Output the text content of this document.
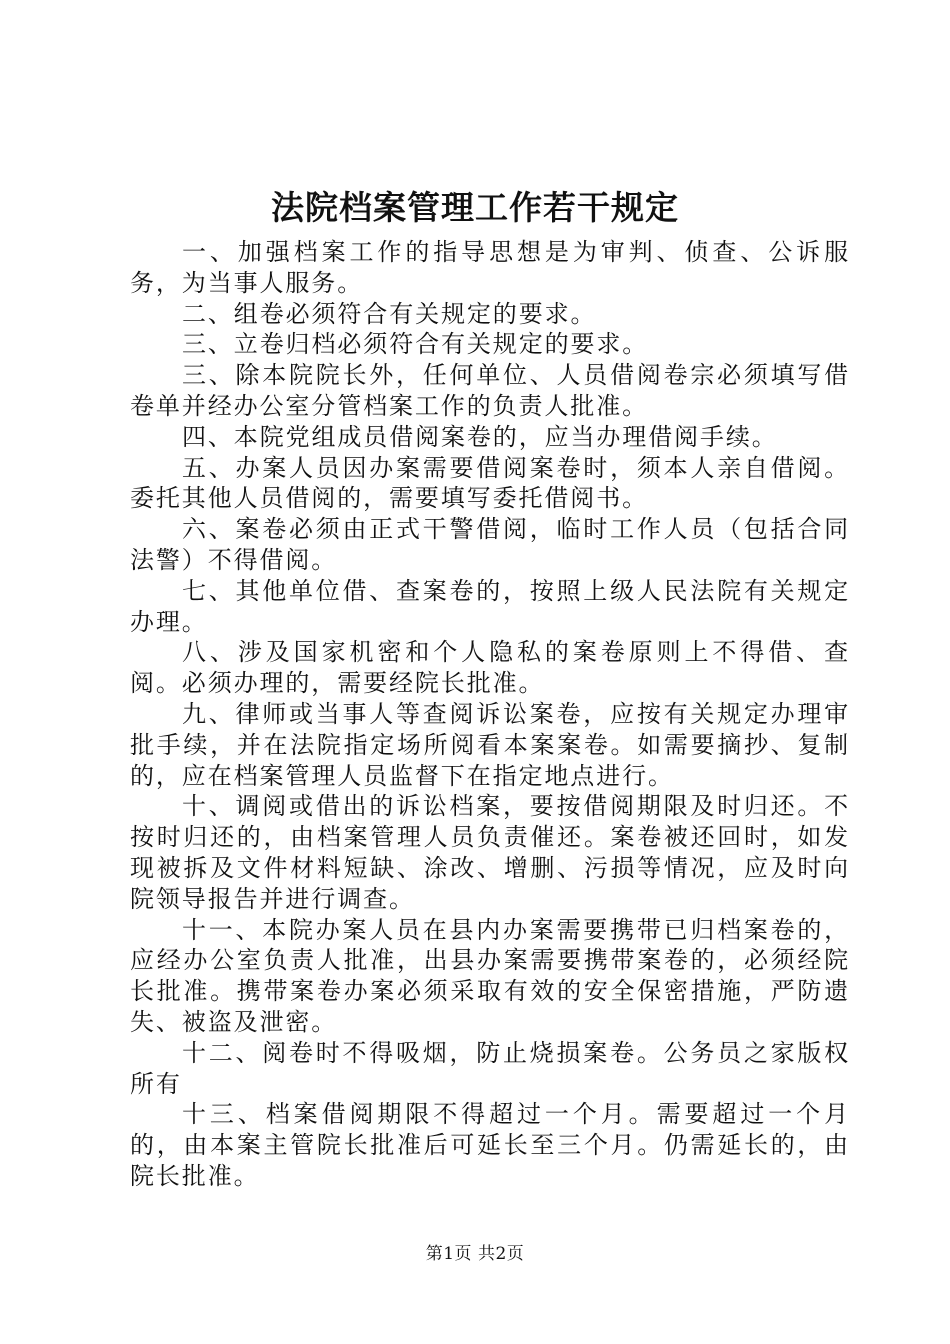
法院档案管理工作若干规定

一、加强档案工作的指导思想是为审判、侦查、公诉服务，为当事人服务。

二、组卷必须符合有关规定的要求。

三、立卷归档必须符合有关规定的要求。

三、除本院院长外，任何单位、人员借阅卷宗必须填写借卷单并经办公室分管档案工作的负责人批准。

四、本院党组成员借阅案卷的，应当办理借阅手续。

五、办案人员因办案需要借阅案卷时，须本人亲自借阅。委托其他人员借阅的，需要填写委托借阅书。

六、案卷必须由正式干警借阅，临时工作人员（包括合同法警）不得借阅。

七、其他单位借、查案卷的，按照上级人民法院有关规定办理。

八、涉及国家机密和个人隐私的案卷原则上不得借、查阅。必须办理的，需要经院长批准。

九、律师或当事人等查阅诉讼案卷，应按有关规定办理审批手续，并在法院指定场所阅看本案案卷。如需要摘抄、复制的，应在档案管理人员监督下在指定地点进行。

十、调阅或借出的诉讼档案，要按借阅期限及时归还。不按时归还的，由档案管理人员负责催还。案卷被还回时，如发现被拆及文件材料短缺、涂改、增删、污损等情况，应及时向院领导报告并进行调查。

十一、本院办案人员在县内办案需要携带已归档案卷的，应经办公室负责人批准，出县办案需要携带案卷的，必须经院长批准。携带案卷办案必须采取有效的安全保密措施，严防遗失、被盗及泄密。

十二、阅卷时不得吸烟，防止烧损案卷。公务员之家版权所有

十三、档案借阅期限不得超过一个月。需要超过一个月的，由本案主管院长批准后可延长至三个月。仍需延长的，由院长批准。

第1页 共2页
